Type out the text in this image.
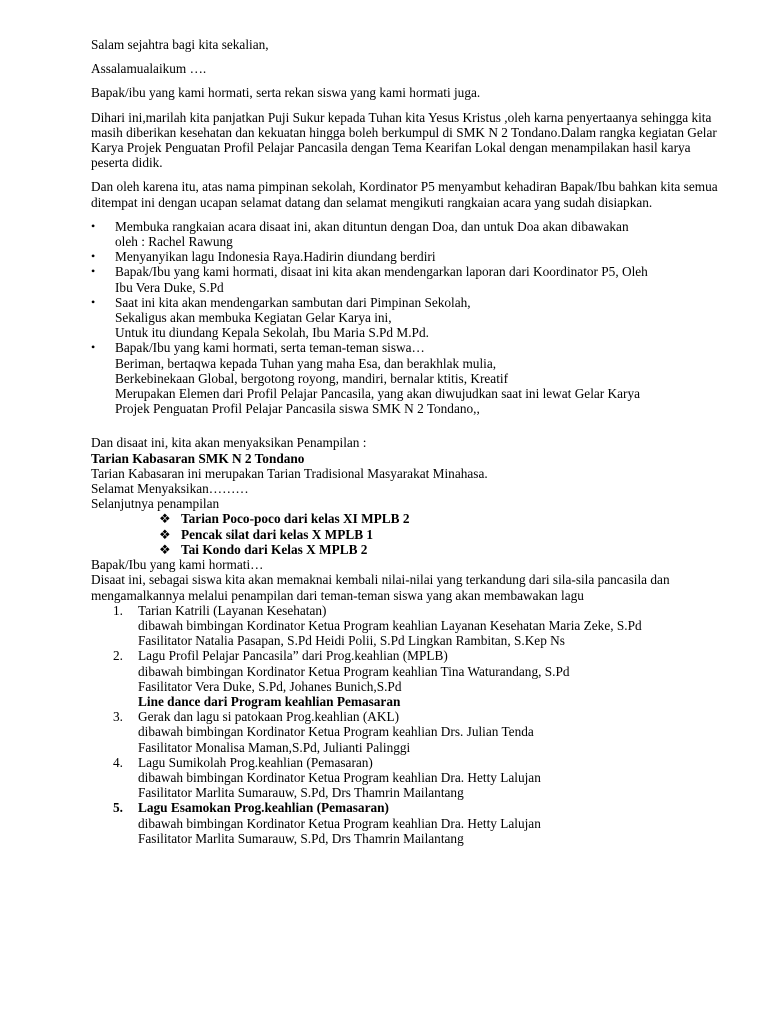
Salam sejahtra bagi kita sekalian,

Assalamualaikum ….

Bapak/ibu yang kami hormati, serta rekan siswa yang kami hormati juga.

Dihari ini,marilah kita panjatkan Puji Sukur kepada Tuhan kita Yesus Kristus ,oleh karna penyertaanya sehingga kita masih diberikan kesehatan dan kekuatan hingga boleh berkumpul di SMK N 2 Tondano.Dalam rangka kegiatan Gelar Karya Projek Penguatan Profil Pelajar Pancasila dengan Tema Kearifan Lokal dengan menampilakan hasil karya peserta didik.

Dan oleh karena itu, atas nama pimpinan sekolah, Kordinator P5 menyambut kehadiran Bapak/Ibu bahkan kita semua ditempat ini dengan ucapan selamat datang dan selamat mengikuti rangkaian acara yang sudah disiapkan.

•	Membuka rangkaian acara disaat ini, akan dituntun dengan Doa, dan untuk Doa akan dibawakan
oleh : Rachel Rawung
•	Menyanyikan lagu Indonesia Raya.Hadirin diundang berdiri
•	Bapak/Ibu yang kami hormati, disaat ini kita akan mendengarkan laporan dari Koordinator P5, Oleh
Ibu Vera Duke, S.Pd
•	Saat ini kita akan mendengarkan sambutan dari Pimpinan Sekolah,
Sekaligus akan membuka Kegiatan Gelar Karya ini,
Untuk itu diundang Kepala Sekolah, Ibu Maria S.Pd M.Pd.
•	Bapak/Ibu yang kami hormati, serta teman-teman siswa…
Beriman, bertaqwa kepada Tuhan yang maha Esa, dan berakhlak mulia,
Berkebinekaan Global, bergotong royong, mandiri, bernalar ktitis, Kreatif
Merupakan Elemen dari Profil Pelajar Pancasila, yang akan diwujudkan saat ini lewat Gelar Karya
Projek Penguatan Profil Pelajar Pancasila siswa SMK N 2 Tondano,,

Dan disaat ini, kita akan menyaksikan Penampilan :

Tarian Kabasaran SMK N 2 Tondano

Tarian Kabasaran ini merupakan Tarian Tradisional Masyarakat Minahasa.

Selamat Menyaksikan………

Selanjutnya penampilan

❖ Tarian Poco-poco dari kelas XI MPLB 2
❖ Pencak silat dari kelas X MPLB 1
❖ Tai Kondo dari Kelas X MPLB 2

Bapak/Ibu yang kami hormati…

Disaat ini, sebagai siswa kita akan memaknai kembali nilai-nilai yang terkandung dari sila-sila pancasila dan mengamalkannya melalui penampilan dari teman-teman siswa yang akan membawakan lagu

1. Tarian Katrili (Layanan Kesehatan)
dibawah bimbingan Kordinator Ketua Program keahlian Layanan Kesehatan Maria Zeke, S.Pd
Fasilitator Natalia Pasapan, S.Pd Heidi Polii, S.Pd Lingkan Rambitan, S.Kep Ns
2. Lagu Profil Pelajar Pancasila” dari Prog.keahlian (MPLB)
dibawah bimbingan Kordinator Ketua Program keahlian Tina Waturandang, S.Pd
Fasilitator Vera Duke, S.Pd, Johanes Bunich,S.Pd
Line dance dari Program keahlian Pemasaran
3. Gerak dan lagu si patokaan Prog.keahlian (AKL)
dibawah bimbingan Kordinator Ketua Program keahlian Drs. Julian Tenda
Fasilitator Monalisa Maman,S.Pd, Julianti Palinggi
4. Lagu Sumikolah Prog.keahlian (Pemasaran)
dibawah bimbingan Kordinator Ketua Program keahlian Dra. Hetty Lalujan
Fasilitator Marlita Sumarauw, S.Pd, Drs Thamrin Mailantang
5. Lagu Esamokan Prog.keahlian (Pemasaran)
dibawah bimbingan Kordinator Ketua Program keahlian Dra. Hetty Lalujan
Fasilitator Marlita Sumarauw, S.Pd, Drs Thamrin Mailantang
